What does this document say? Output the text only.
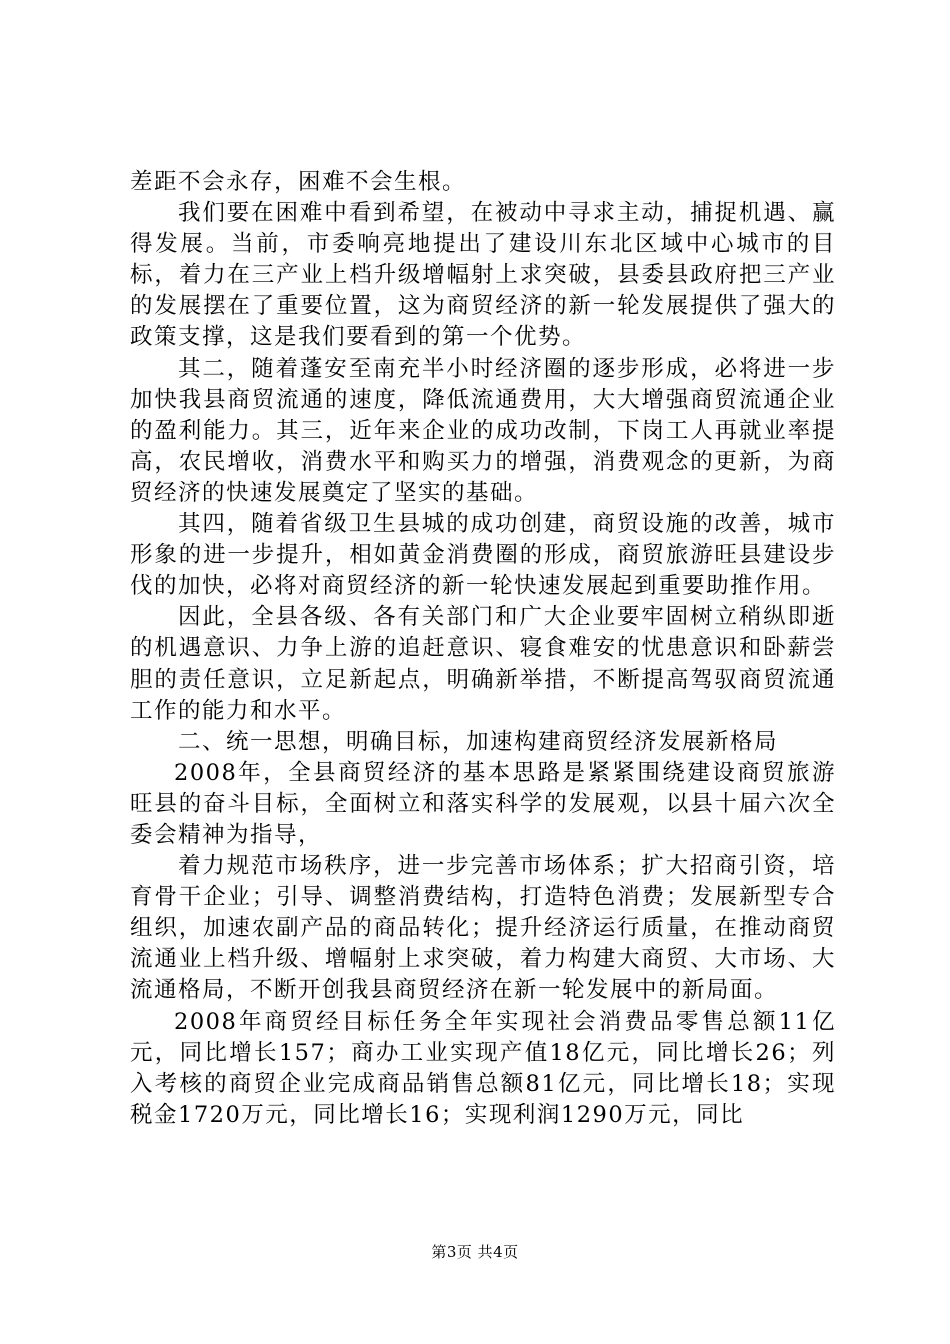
差距不会永存，困难不会生根。

我们要在困难中看到希望，在被动中寻求主动，捕捉机遇、赢得发展。当前，市委响亮地提出了建设川东北区域中心城市的目标，着力在三产业上档升级增幅射上求突破，县委县政府把三产业的发展摆在了重要位置，这为商贸经济的新一轮发展提供了强大的政策支撑，这是我们要看到的第一个优势。

其二，随着蓬安至南充半小时经济圈的逐步形成，必将进一步加快我县商贸流通的速度，降低流通费用，大大增强商贸流通企业的盈利能力。其三，近年来企业的成功改制，下岗工人再就业率提高，农民增收，消费水平和购买力的增强，消费观念的更新，为商贸经济的快速发展奠定了坚实的基础。

其四，随着省级卫生县城的成功创建，商贸设施的改善，城市形象的进一步提升，相如黄金消费圈的形成，商贸旅游旺县建设步伐的加快，必将对商贸经济的新一轮快速发展起到重要助推作用。

因此，全县各级、各有关部门和广大企业要牢固树立稍纵即逝的机遇意识、力争上游的追赶意识、寝食难安的忧患意识和卧薪尝胆的责任意识，立足新起点，明确新举措，不断提高驾驭商贸流通工作的能力和水平。

二、统一思想，明确目标，加速构建商贸经济发展新格局

2008年，全县商贸经济的基本思路是紧紧围绕建设商贸旅游旺县的奋斗目标，全面树立和落实科学的发展观，以县十届六次全委会精神为指导，

着力规范市场秩序，进一步完善市场体系；扩大招商引资，培育骨干企业；引导、调整消费结构，打造特色消费；发展新型专合组织，加速农副产品的商品转化；提升经济运行质量，在推动商贸流通业上档升级、增幅射上求突破，着力构建大商贸、大市场、大流通格局，不断开创我县商贸经济在新一轮发展中的新局面。

2008年商贸经目标任务全年实现社会消费品零售总额11亿元，同比增长157；商办工业实现产值18亿元，同比增长26；列入考核的商贸企业完成商品销售总额81亿元，同比增长18；实现税金1720万元，同比增长16；实现利润1290万元，同比

第3页 共4页
